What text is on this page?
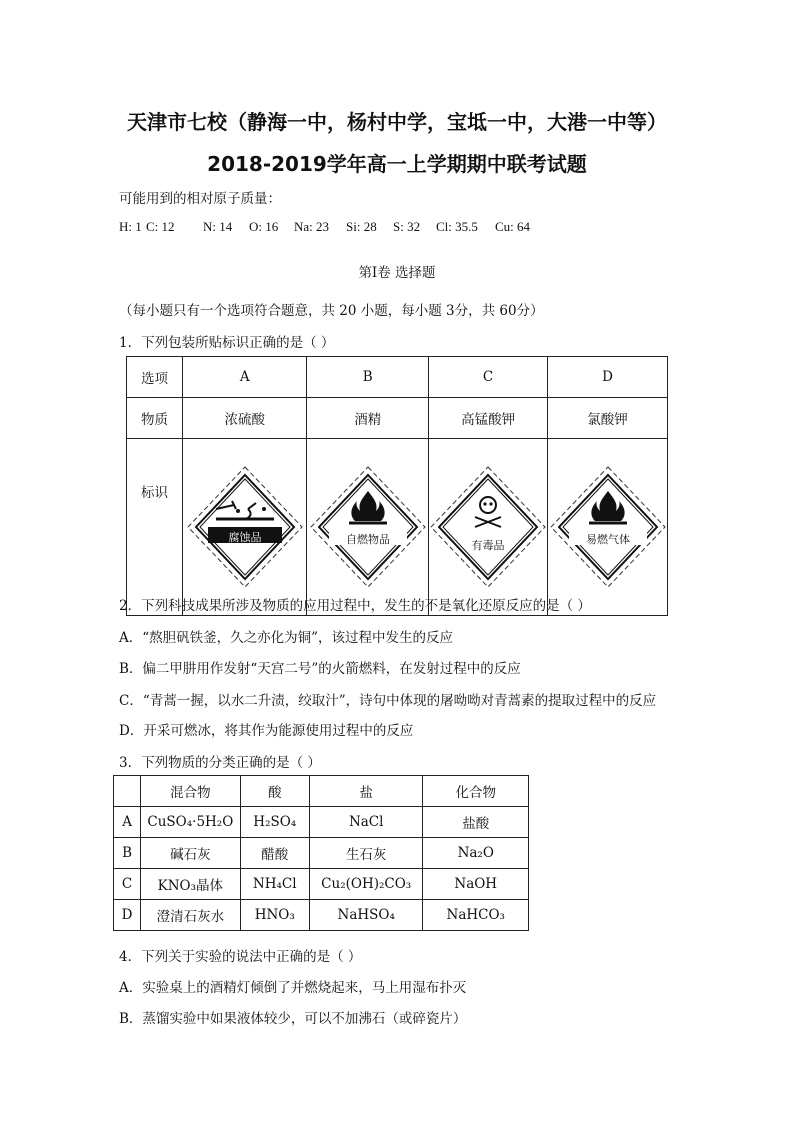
天津市七校（静海一中，杨村中学，宝坻一中，大港一中等）
2018-2019学年高一上学期期中联考试题
可能用到的相对原子质量：
H: 1 C: 12 N: 14 O: 16 Na: 23 Si: 28 S: 32 Cl: 35.5 Cu: 64
第Ⅰ卷 选择题
（每小题只有一个选项符合题意，共 20 小题，每小题 3分，共 60分）
1．下列包装所贴标识正确的是（ ）
选项	A	B	C	D
物质	浓硫酸	酒精	高锰酸钾	氯酸钾
标识	腐蚀品	自燃物品	有毒品	易燃气体
2．下列科技成果所涉及物质的应用过程中，发生的不是氧化还原反应的是（ ）
A．“熬胆矾铁釜，久之亦化为铜”，该过程中发生的反应
B．偏二甲肼用作发射“天宫二号”的火箭燃料，在发射过程中的反应
C．“青蒿一握，以水二升渍，绞取汁”，诗句中体现的屠呦呦对青蒿素的提取过程中的反应
D．开采可燃冰，将其作为能源使用过程中的反应
3．下列物质的分类正确的是（ ）
	混合物	酸	盐	化合物
A	CuSO₄·5H₂O	H₂SO₄	NaCl	盐酸
B	碱石灰	醋酸	生石灰	Na₂O
C	KNO₃晶体	NH₄Cl	Cu₂(OH)₂CO₃	NaOH
D	澄清石灰水	HNO₃	NaHSO₄	NaHCO₃
4．下列关于实验的说法中正确的是（ ）
A．实验桌上的酒精灯倾倒了并燃烧起来，马上用湿布扑灭
B．蒸馏实验中如果液体较少，可以不加沸石（或碎瓷片）
